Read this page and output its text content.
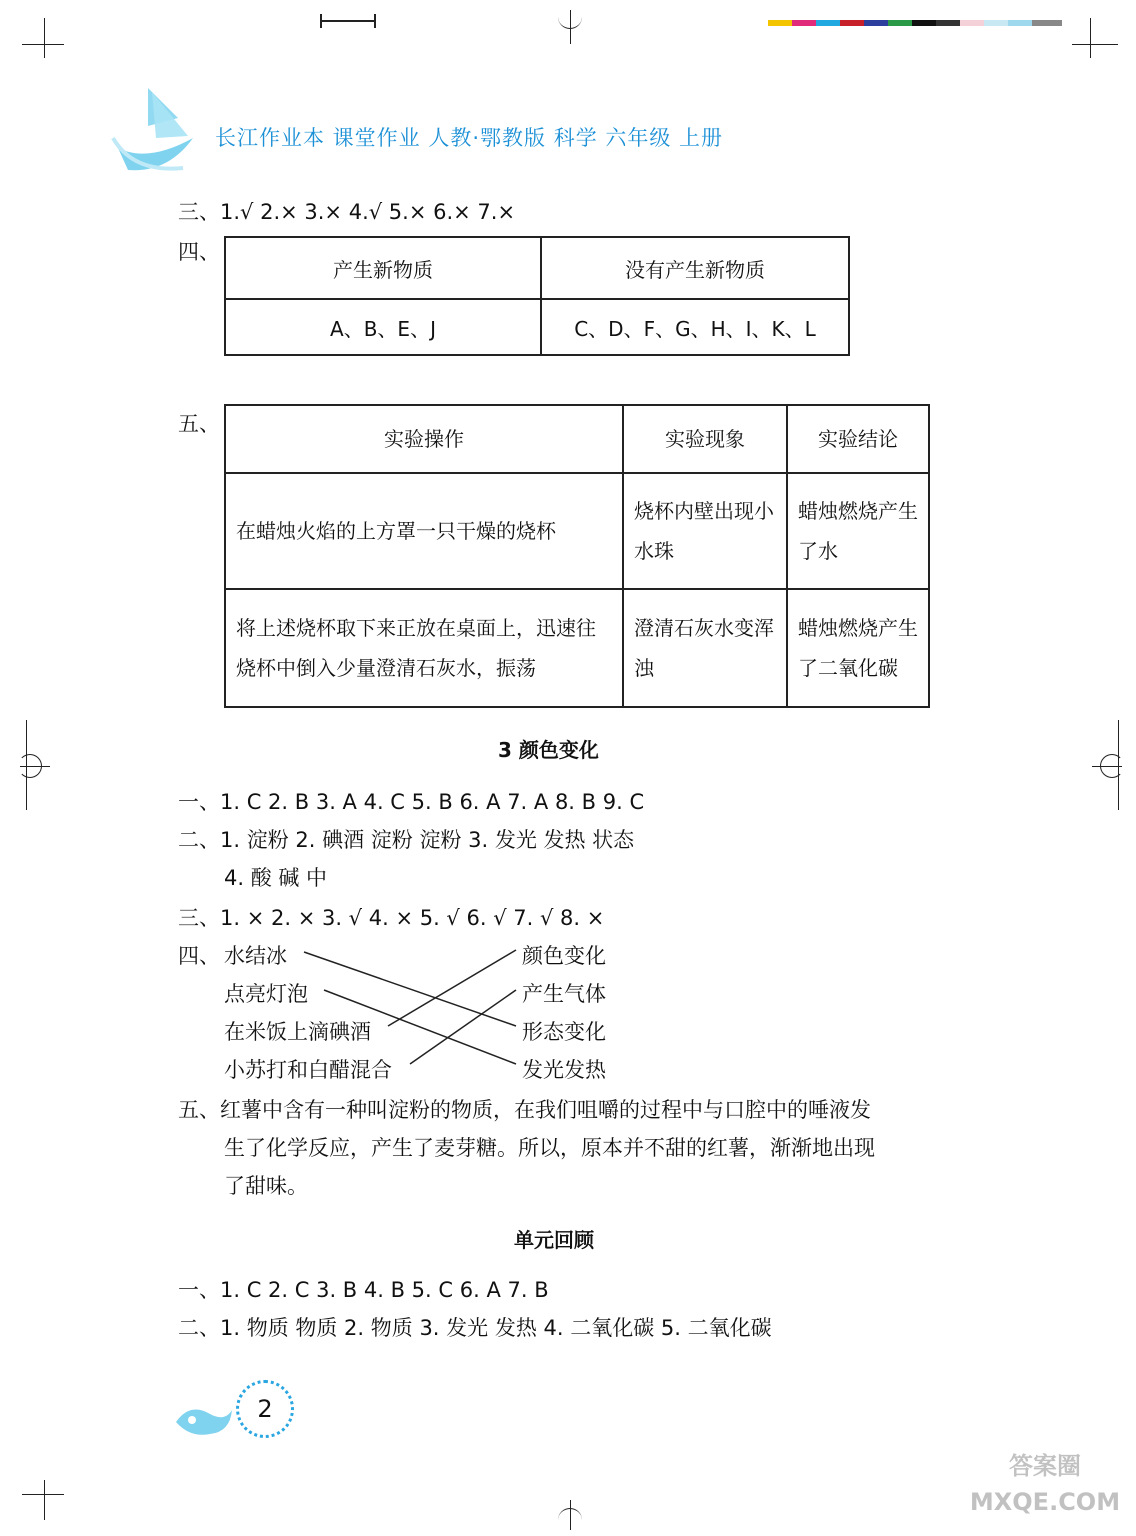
长江作业本 课堂作业 人教·鄂教版 科学 六年级 上册
三、1.√ 2.× 3.× 4.√ 5.× 6.× 7.×
四、
产生新物质	没有产生新物质
A、B、E、J	C、D、F、G、H、I、K、L
五、
实验操作	实验现象	实验结论
在蜡烛火焰的上方罩一只干燥的烧杯	烧杯内壁出现小水珠	蜡烛燃烧产生了水
将上述烧杯取下来正放在桌面上，迅速往烧杯中倒入少量澄清石灰水，振荡	澄清石灰水变浑浊	蜡烛燃烧产生了二氧化碳
3 颜色变化
一、1. C 2. B 3. A 4. C 5. B 6. A 7. A 8. B 9. C
二、1. 淀粉 2. 碘酒 淀粉 淀粉 3. 发光 发热 状态
4. 酸 碱 中
三、1. × 2. × 3. √ 4. × 5. √ 6. √ 7. √ 8. ×
四、 水结冰
点亮灯泡
在米饭上滴碘酒
小苏打和白醋混合
颜色变化
产生气体
形态变化
发光发热
五、红薯中含有一种叫淀粉的物质，在我们咀嚼的过程中与口腔中的唾液发
生了化学反应，产生了麦芽糖。所以，原本并不甜的红薯，渐渐地出现
了甜味。
单元回顾
一、1. C 2. C 3. B 4. B 5. C 6. A 7. B
二、1. 物质 物质 2. 物质 3. 发光 发热 4. 二氧化碳 5. 二氧化碳
2
答案圈 MXQE.COM
